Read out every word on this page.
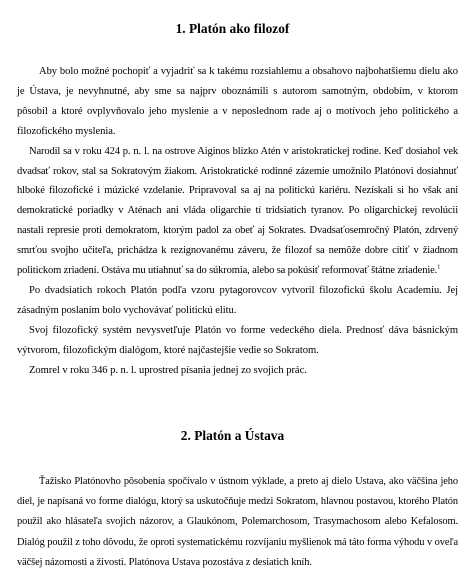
1. Platón ako filozof

Aby bolo možné pochopiť a vyjadriť sa k takému rozsiahlemu a obsahovo najbohatšiemu dielu ako je Ústava, je nevyhnutné, aby sme sa najprv oboznámili s autorom samotným, obdobím, v ktorom pôsobil a ktoré ovplyvňovalo jeho myslenie a v neposlednom rade aj o motívoch jeho politického a filozofického myslenia.

Narodil sa v roku 424 p. n. l. na ostrove Aiginos blízko Atén v aristokratickej rodine. Keď dosiahol vek dvadsať rokov, stal sa Sokratovým žiakom. Aristokratické rodinné zázemie umožnilo Platónovi dosiahnuť hlboké filozofické i múzické vzdelanie. Pripravoval sa aj na politickú kariéru. Nezískali si ho však ani demokratické poriadky v Aténach ani vláda oligarchie tí tridsiatich tyranov. Po oligarchickej revolúcii nastali represie proti demokratom, ktorým padol za obeť aj Sokrates. Dvadsaťosemročný Platón, zdrvený smrťou svojho učiteľa, prichádza k rezignovanému záveru, že filozof sa nemôže dobre cítiť v žiadnom politickom zriadení. Ostáva mu utiahnuť sa do súkromia, alebo sa pokúsiť reformovať štátne zriadenie.$^1$

Po dvadsiatich rokoch Platón podľa vzoru pytagorovcov vytvoril filozofickú školu Academiu. Jej zásadným poslaním bolo vychovávať politickú elitu.

Svoj filozofický systém nevysvetľuje Platón vo forme vedeckého diela. Prednosť dáva básnickým výtvorom, filozofickým dialógom, ktoré najčastejšie vedie so Sokratom.

Zomrel v roku 346 p. n. l. uprostred písania jednej zo svojich prác.

2. Platón a Ústava

Ťažisko Platónovho pôsobenia spočívalo v ústnom výklade, a preto aj dielo Ustava, ako väčšina jeho diel, je napísaná vo forme dialógu, ktorý sa uskutočňuje medzi Sokratom, hlavnou postavou, ktorého Platón použil ako hlásateľa svojich názorov, a Glaukónom, Polemarchosom, Trasymachosom alebo Kefalosom. Dialóg použil z toho dôvodu, že oproti systematickému rozvíjaniu myšlienok má táto forma výhodu v oveľa väčšej názornosti a živosti. Platónova Ustava pozostáva z desiatich kníh.
